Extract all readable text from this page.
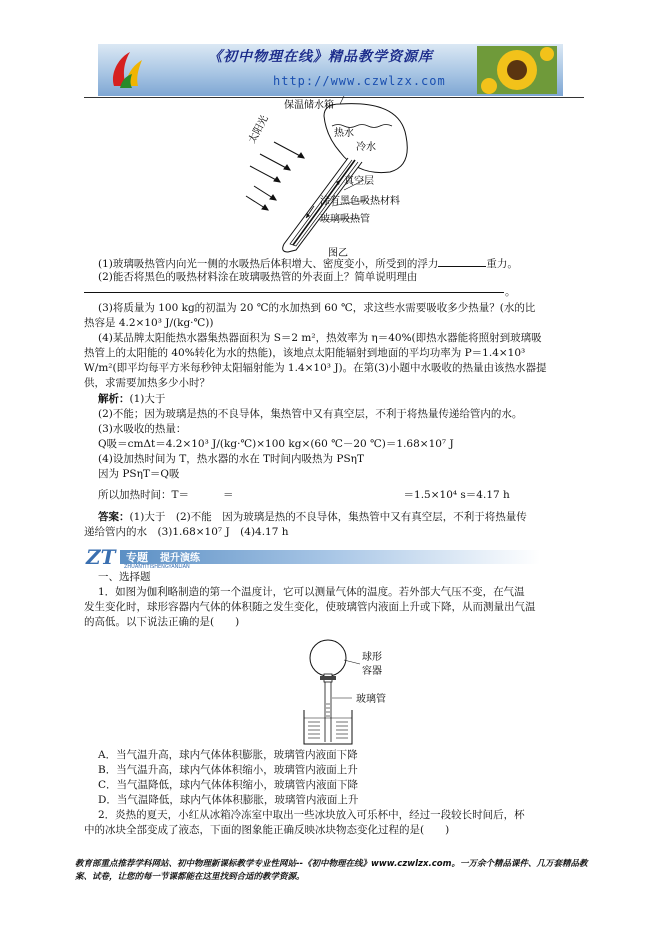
《初中物理在线》精品教学资源库
http://www.czwlzx.com
保温储水箱
太阳光	热水
冷水
真空层
涂有黑色吸热材料
玻璃吸热管
图乙
(1)玻璃吸热管内向光一侧的水吸热后体积增大、密度变小，所受到的浮力	重力。
(2)能否将黑色的吸热材料涂在玻璃吸热管的外表面上？简单说明理由
。
(3)将质量为 100 kg的初温为 20 ℃的水加热到 60 ℃，求这些水需要吸收多少热量？(水的比
热容是 4.2×10³ J/(kg·℃))
(4)某品牌太阳能热水器集热器面积为 S＝2 m²，热效率为 η＝40%(即热水器能将照射到玻璃吸
热管上的太阳能的 40%转化为水的热能)，该地点太阳能辐射到地面的平均功率为 P＝1.4×10³
W/m²(即平均每平方米每秒钟太阳辐射能为 1.4×10³ J)。在第(3)小题中水吸收的热量由该热水器提
供，求需要加热多少小时？
解析：(1)大于
(2)不能；因为玻璃是热的不良导体，集热管中又有真空层，不利于将热量传递给管内的水。
(3)水吸收的热量：
Q吸＝cmΔt＝4.2×10³ J/(kg·℃)×100 kg×(60 ℃－20 ℃)＝1.68×10⁷ J
(4)设加热时间为 T，热水器的水在 T时间内吸热为 PSηT
因为 PSηT＝Q吸
所以加热时间：T＝	＝	＝1.5×10⁴ s＝4.17 h
答案：(1)大于　(2)不能　因为玻璃是热的不良导体，集热管中又有真空层，不利于将热量传
递给管内的水　(3)1.68×10⁷ J　(4)4.17 h
ZT 专题 提升演练
ZHUANTITISHENGYANLIAN
一、选择题
1．如图为伽利略制造的第一个温度计，它可以测量气体的温度。若外部大气压不变，在气温
发生变化时，球形容器内气体的体积随之发生变化，使玻璃管内液面上升或下降，从而测量出气温
的高低。以下说法正确的是(　　)
球形
容器
玻璃管
A．当气温升高，球内气体体积膨胀，玻璃管内液面下降
B．当气温升高，球内气体体积缩小，玻璃管内液面上升
C．当气温降低，球内气体体积缩小，玻璃管内液面下降
D．当气温降低，球内气体体积膨胀，玻璃管内液面上升
2．炎热的夏天，小红从冰箱冷冻室中取出一些冰块放入可乐杯中，经过一段较长时间后，杯
中的冰块全部变成了液态，下面的图象能正确反映冰块物态变化过程的是(　　)
教育部重点推荐学科网站、初中物理新课标教学专业性网站--《初中物理在线》www.czwlzx.com。一万余个精品课件、几万套精品教案、试卷，让您的每一节课都能在这里找到合适的教学资源。
